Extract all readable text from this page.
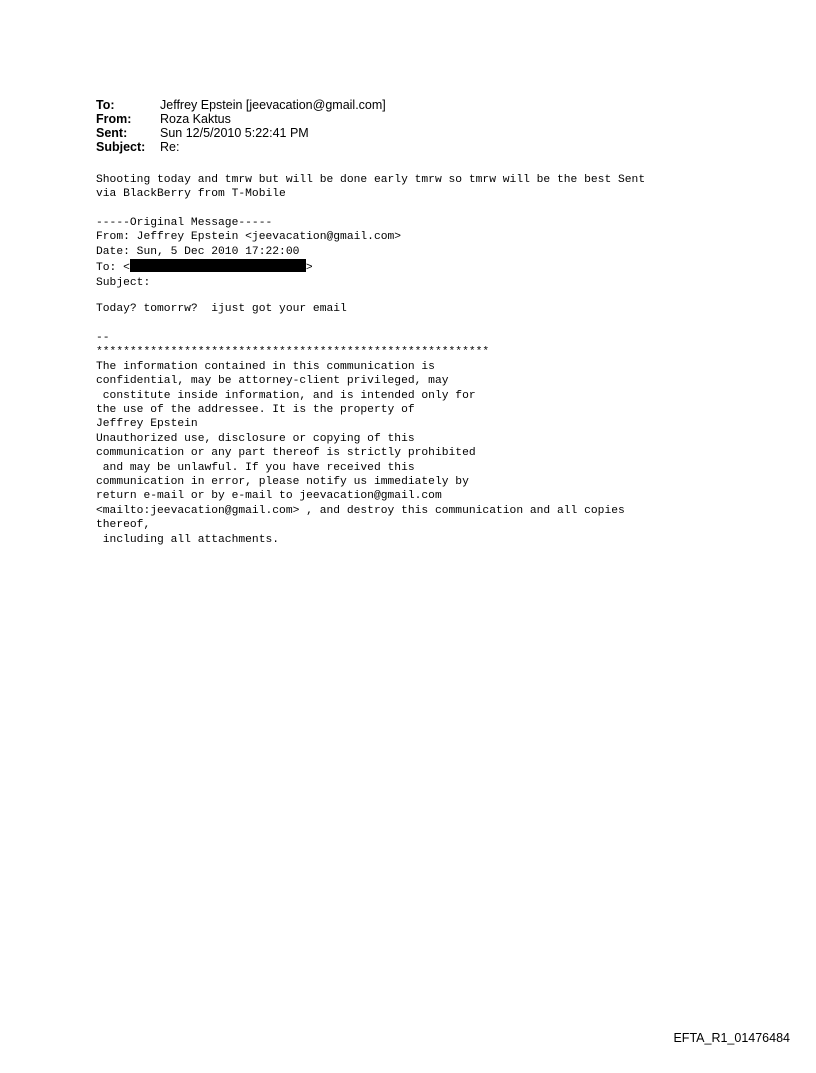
To:	Jeffrey Epstein [jeevacation@gmail.com]
From:	Roza Kaktus
Sent:	Sun 12/5/2010 5:22:41 PM
Subject:	Re:
Shooting today and tmrw but will be done early tmrw so tmrw will be the best Sent
via BlackBerry from T-Mobile
-----Original Message-----
From: Jeffrey Epstein <jeevacation@gmail.com>
Date: Sun, 5 Dec 2010 17:22:00
To: <	>
Subject:
Today? tomorrw?  ijust got your email
--
**********************************************************
The information contained in this communication is
confidential, may be attorney-client privileged, may
constitute inside information, and is intended only for
the use of the addressee. It is the property of
Jeffrey Epstein
Unauthorized use, disclosure or copying of this
communication or any part thereof is strictly prohibited
and may be unlawful. If you have received this
communication in error, please notify us immediately by
return e-mail or by e-mail to jeevacation@gmail.com
<mailto:jeevacation@gmail.com> , and destroy this communication and all copies
thereof,
including all attachments.
EFTA_R1_01476484
